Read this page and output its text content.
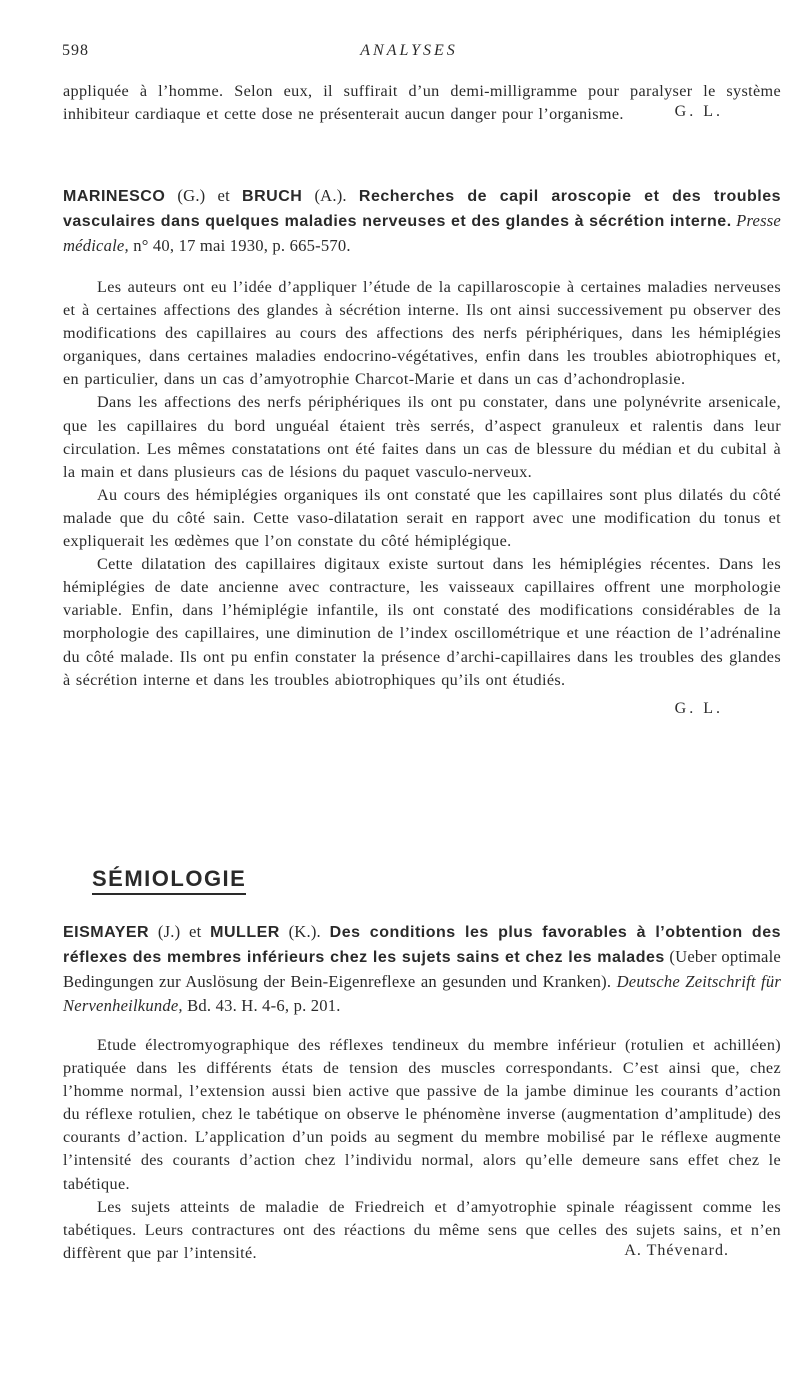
598	ANALYSES

appliquée à l’homme. Selon eux, il suffirait d’un demi-milligramme pour paralyser le système inhibiteur cardiaque et cette dose ne présenterait aucun danger pour l’organisme.	G. L.

MARINESCO (G.) et BRUCH (A.). Recherches de capil aroscopie et des troubles vasculaires dans quelques maladies nerveuses et des glandes à sécrétion interne. Presse médicale, n° 40, 17 mai 1930, p. 665-570.

Les auteurs ont eu l’idée d’appliquer l’étude de la capillaroscopie à certaines maladies nerveuses et à certaines affections des glandes à sécrétion interne. Ils ont ainsi successivement pu observer des modifications des capillaires au cours des affections des nerfs périphériques, dans les hémiplégies organiques, dans certaines maladies endocrino-végétatives, enfin dans les troubles abiotrophiques et, en particulier, dans un cas d’amyotrophie Charcot-Marie et dans un cas d’achondroplasie.

Dans les affections des nerfs périphériques ils ont pu constater, dans une polynévrite arsenicale, que les capillaires du bord unguéal étaient très serrés, d’aspect granuleux et ralentis dans leur circulation. Les mêmes constatations ont été faites dans un cas de blessure du médian et du cubital à la main et dans plusieurs cas de lésions du paquet vasculo-nerveux.

Au cours des hémiplégies organiques ils ont constaté que les capillaires sont plus dilatés du côté malade que du côté sain. Cette vaso-dilatation serait en rapport avec une modification du tonus et expliquerait les œdèmes que l’on constate du côté hémiplégique.

Cette dilatation des capillaires digitaux existe surtout dans les hémiplégies récentes. Dans les hémiplégies de date ancienne avec contracture, les vaisseaux capillaires offrent une morphologie variable. Enfin, dans l’hémiplégie infantile, ils ont constaté des modifications considérables de la morphologie des capillaires, une diminution de l’index oscillométrique et une réaction de l’adrénaline du côté malade. Ils ont pu enfin constater la présence d’archi-capillaires dans les troubles des glandes à sécrétion interne et dans les troubles abiotrophiques qu’ils ont étudiés.

G. L.
SÉMIOLOGIE

EISMAYER (J.) et MULLER (K.). Des conditions les plus favorables à l’obtention des réflexes des membres inférieurs chez les sujets sains et chez les malades (Ueber optimale Bedingungen zur Auslösung der Bein-Eigenreflexe an gesunden und Kranken). Deutsche Zeitschrift für Nervenheilkunde, Bd. 43. H. 4-6, p. 201.

Etude électromyographique des réflexes tendineux du membre inférieur (rotulien et achilléen) pratiquée dans les différents états de tension des muscles correspondants. C’est ainsi que, chez l’homme normal, l’extension aussi bien active que passive de la jambe diminue les courants d’action du réflexe rotulien, chez le tabétique on observe le phénomène inverse (augmentation d’amplitude) des courants d’action. L’application d’un poids au segment du membre mobilisé par le réflexe augmente l’intensité des courants d’action chez l’individu normal, alors qu’elle demeure sans effet chez le tabétique.

Les sujets atteints de maladie de Friedreich et d’amyotrophie spinale réagissent comme les tabétiques. Leurs contractures ont des réactions du même sens que celles des sujets sains, et n’en diffèrent que par l’intensité.	A. Thévenard.
